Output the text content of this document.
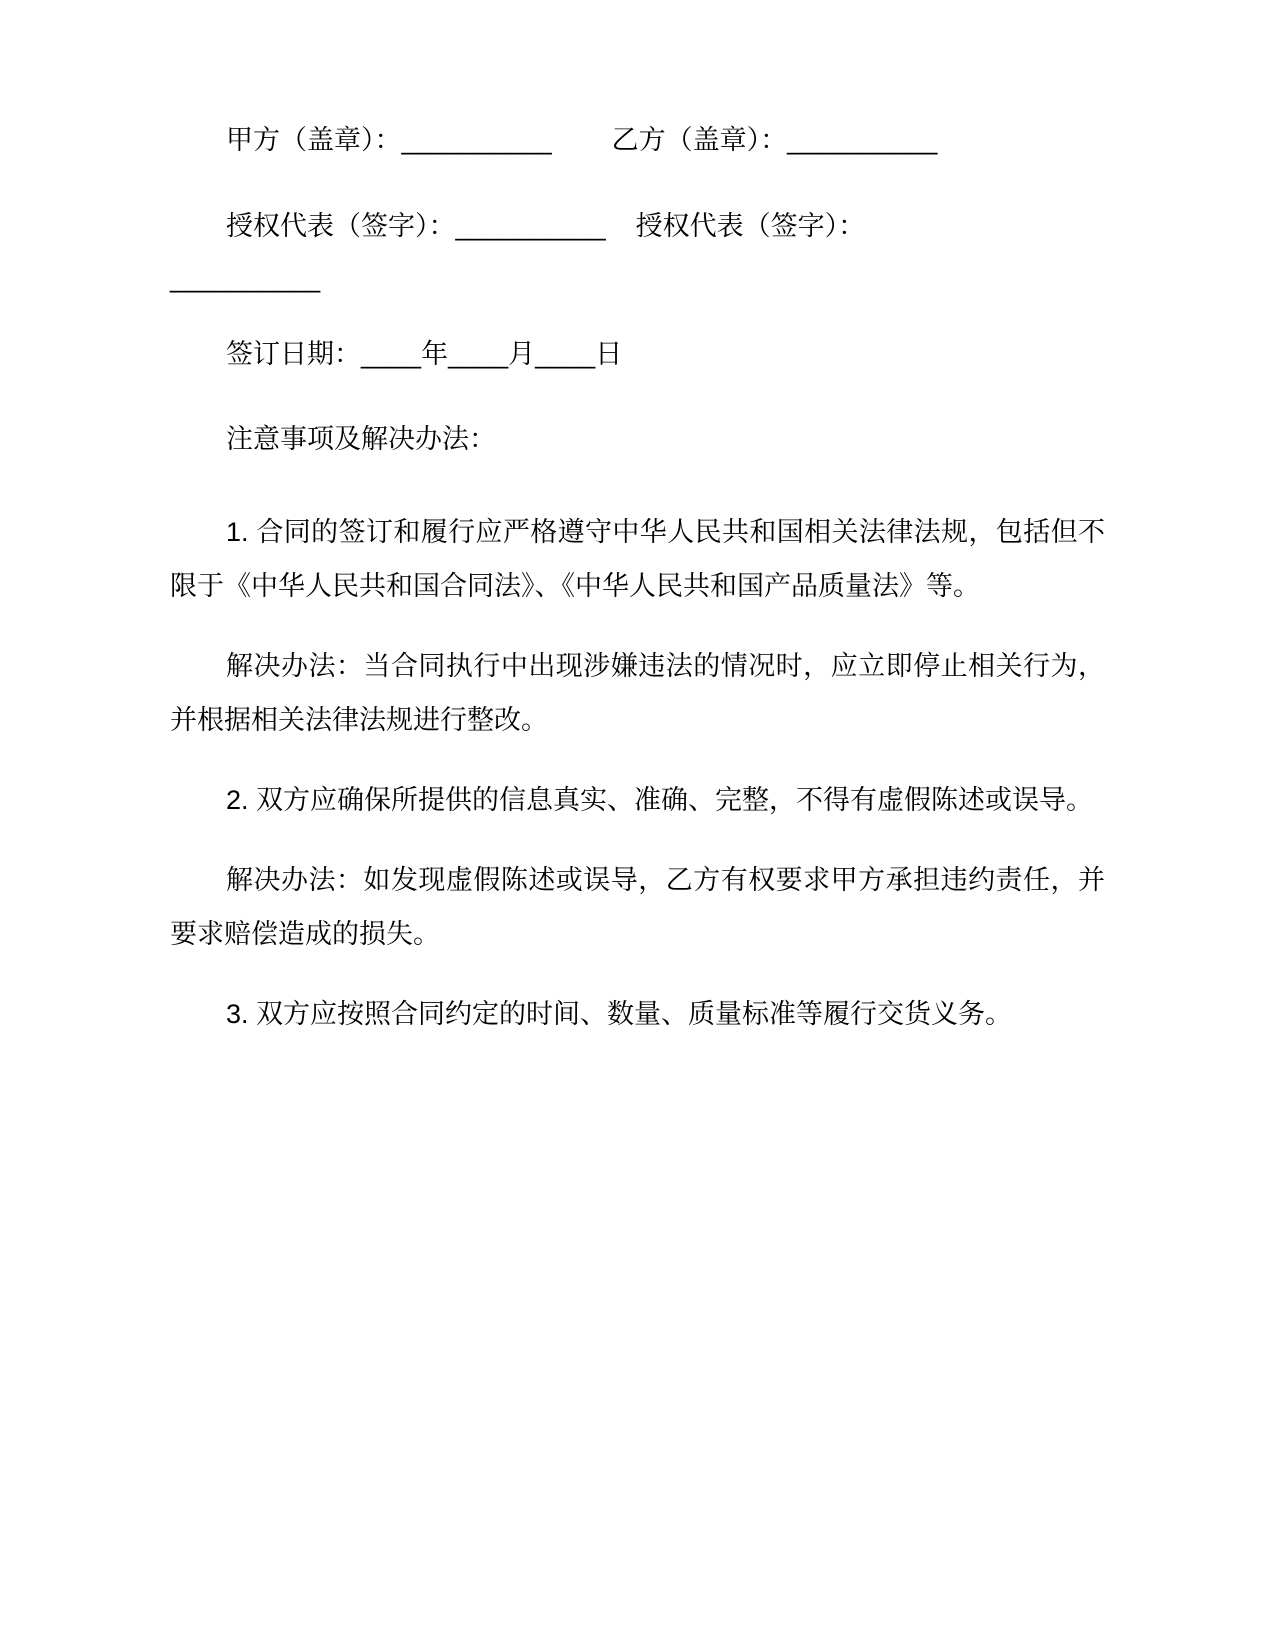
甲方（盖章）：__________        乙方（盖章）：__________

授权代表（签字）：__________    授权代表（签字）：

__________

签订日期：____年____月____日

注意事项及解决办法：

1. 合同的签订和履行应严格遵守中华人民共和国相关法律法规，包括但不限于《中华人民共和国合同法》、《中华人民共和国产品质量法》等。

解决办法：当合同执行中出现涉嫌违法的情况时，应立即停止相关行为，并根据相关法律法规进行整改。

2. 双方应确保所提供的信息真实、准确、完整，不得有虚假陈述或误导。

解决办法：如发现虚假陈述或误导，乙方有权要求甲方承担违约责任，并要求赔偿造成的损失。

3. 双方应按照合同约定的时间、数量、质量标准等履行交货义务。
